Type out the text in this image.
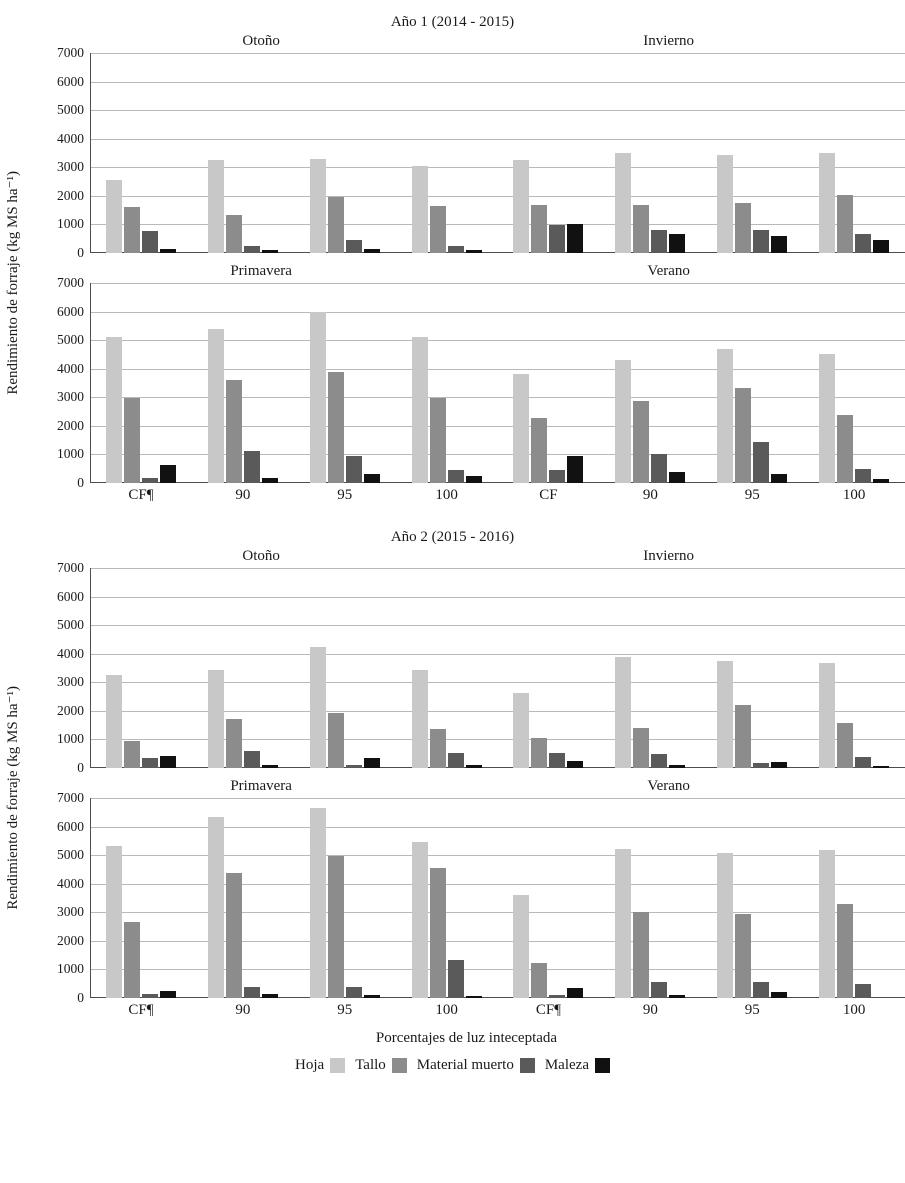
Año 1 (2014 - 2015)
Rendimiento de forraje (kg MS ha⁻¹)	0
1000
2000
3000
4000
5000
6000
7000
Otoño	Invierno
0
1000
2000
3000
4000
5000
6000
7000
Primavera	Verano
CF¶	90	95	100	CF	90	95	100
Año 2 (2015 - 2016)
Rendimiento de forraje (kg MS ha⁻¹)	0
1000
2000
3000
4000
5000
6000
7000
Otoño	Invierno
0
1000
2000
3000
4000
5000
6000
7000
Primavera	Verano
CF¶	90	95	100	CF¶	90	95	100
Porcentajes de luz inteceptada
Hoja Tallo Material muerto Maleza
